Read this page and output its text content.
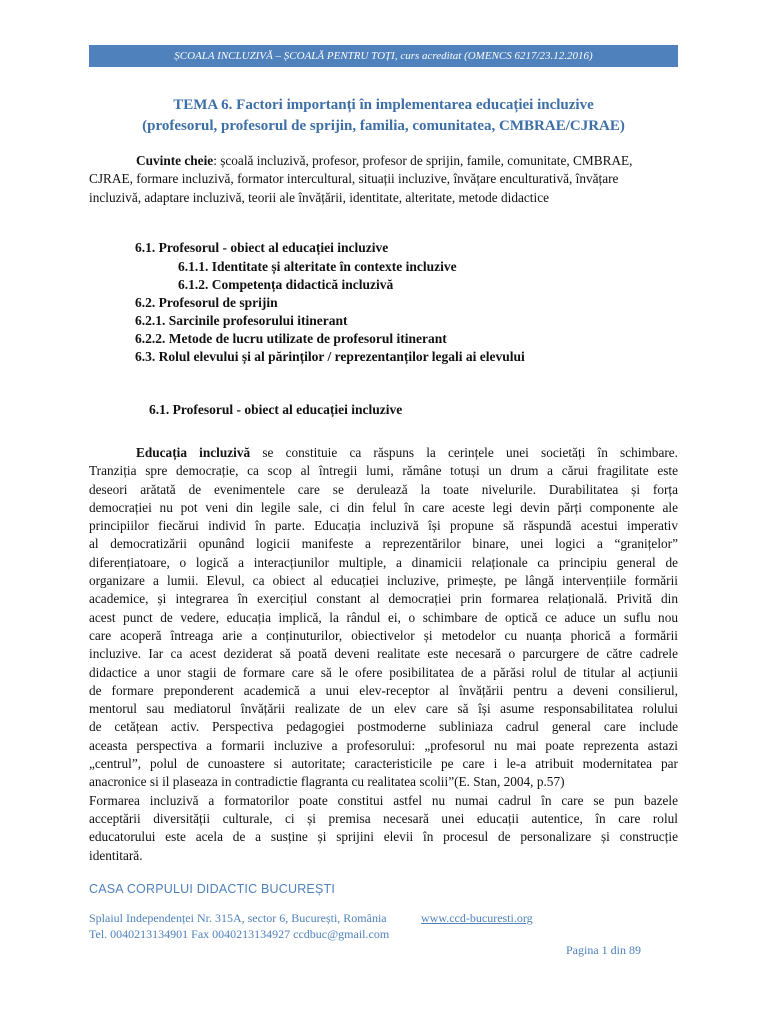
ȘCOALA INCLUZIVĂ – ȘCOALĂ PENTRU TOȚI, curs acreditat (OMENCS 6217/23.12.2016)
TEMA 6. Factori importanți în implementarea educației incluzive
(profesorul, profesorul de sprijin, familia, comunitatea, CMBRAE/CJRAE)
Cuvinte cheie: școală incluzivă, profesor, profesor de sprijin, famile, comunitate, CMBRAE, CJRAE, formare incluzivă, formator intercultural, situații incluzive, învățare enculturativă, învățare incluzivă, adaptare incluzivă, teorii ale învățării, identitate, alteritate, metode didactice
6.1. Profesorul - obiect al educației incluzive
6.1.1. Identitate și alteritate în contexte incluzive
6.1.2. Competența didactică incluzivă
6.2. Profesorul de sprijin
6.2.1. Sarcinile profesorului itinerant
6.2.2. Metode de lucru utilizate de profesorul itinerant
6.3. Rolul elevului și al părinților / reprezentanților legali ai elevului
6.1. Profesorul - obiect al educației incluzive
Educația incluzivă se constituie ca răspuns la cerințele unei societăți în schimbare.
Tranziția spre democrație, ca scop al întregii lumi, rămâne totuși un drum a cărui fragilitate este
deseori arătată de evenimentele care se derulează la toate nivelurile. Durabilitatea și forța
democrației nu pot veni din legile sale, ci din felul în care aceste legi devin părți componente ale
principiilor fiecărui individ în parte. Educația incluzivă își propune să răspundă acestui imperativ
al democratizării opunând logicii manifeste a reprezentărilor binare, unei logici a “granițelor”
diferențiatoare, o logică a interacțiunilor multiple, a dinamicii relaționale ca principiu general de
organizare a lumii. Elevul, ca obiect al educației incluzive, primește, pe lângă intervențiile formării
academice, și integrarea în exercițiul constant al democrației prin formarea relațională. Privită din
acest punct de vedere, educația implică, la rândul ei, o schimbare de optică ce aduce un suflu nou
care acoperă întreaga arie a conținuturilor, obiectivelor și metodelor cu nuanța phorică a formării
incluzive. Iar ca acest deziderat să poată deveni realitate este necesară o parcurgere de către cadrele
didactice a unor stagii de formare care să le ofere posibilitatea de a părăsi rolul de titular al acțiunii
de formare preponderent academică a unui elev-receptor al învățării pentru a deveni consilierul,
mentorul sau mediatorul învățării realizate de un elev care să își asume responsabilitatea rolului
de cetățean activ. Perspectiva pedagogiei postmoderne subliniaza cadrul general care include
aceasta perspectiva a formarii incluzive a profesorului: „profesorul nu mai poate reprezenta astazi
„centrul”, polul de cunoastere si autoritate; caracteristicile pe care i le-a atribuit modernitatea par
anacronice si il plaseaza in contradictie flagranta cu realitatea scolii”(E. Stan, 2004, p.57)
Formarea incluzivă a formatorilor poate constitui astfel nu numai cadrul în care se pun bazele
acceptării diversității culturale, ci și premisa necesară unei educații autentice, în care rolul
educatorului este acela de a susține și sprijini elevii în procesul de personalizare și construcție
identitară.
CASA CORPULUI DIDACTIC BUCUREȘTI
Splaiul Independenței Nr. 315A, sector 6, București, România	www.ccd-bucuresti.org
Tel. 0040213134901 Fax 0040213134927 ccdbuc@gmail.com
Pagina 1 din 89
